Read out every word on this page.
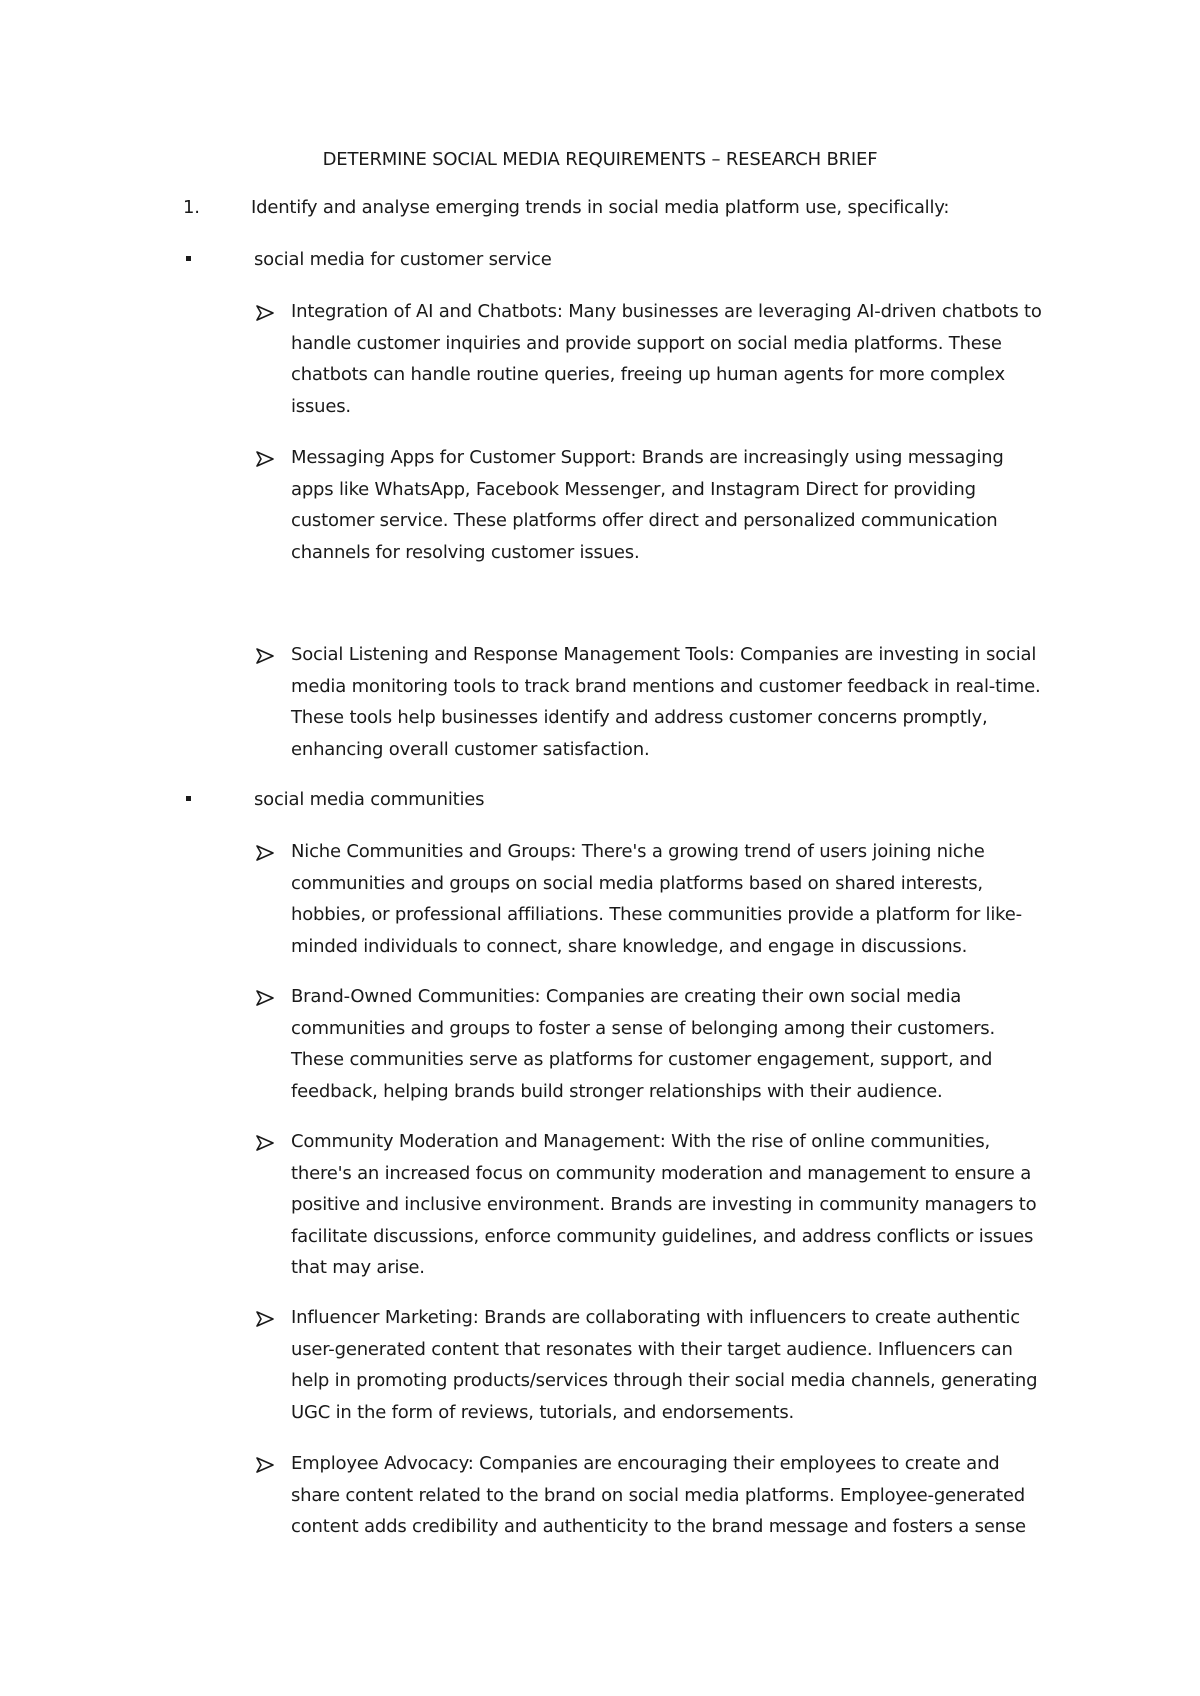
DETERMINE SOCIAL MEDIA REQUIREMENTS – RESEARCH BRIEF
1.	Identify and analyse emerging trends in social media platform use, specifically:
social media for customer service
Integration of AI and Chatbots: Many businesses are leveraging AI-driven chatbots to
handle customer inquiries and provide support on social media platforms. These
chatbots can handle routine queries, freeing up human agents for more complex
issues.
Messaging Apps for Customer Support: Brands are increasingly using messaging
apps like WhatsApp, Facebook Messenger, and Instagram Direct for providing
customer service. These platforms offer direct and personalized communication
channels for resolving customer issues.
Social Listening and Response Management Tools: Companies are investing in social
media monitoring tools to track brand mentions and customer feedback in real-time.
These tools help businesses identify and address customer concerns promptly,
enhancing overall customer satisfaction.
social media communities
Niche Communities and Groups: There's a growing trend of users joining niche
communities and groups on social media platforms based on shared interests,
hobbies, or professional affiliations. These communities provide a platform for like-
minded individuals to connect, share knowledge, and engage in discussions.
Brand-Owned Communities: Companies are creating their own social media
communities and groups to foster a sense of belonging among their customers.
These communities serve as platforms for customer engagement, support, and
feedback, helping brands build stronger relationships with their audience.
Community Moderation and Management: With the rise of online communities,
there's an increased focus on community moderation and management to ensure a
positive and inclusive environment. Brands are investing in community managers to
facilitate discussions, enforce community guidelines, and address conflicts or issues
that may arise.
Influencer Marketing: Brands are collaborating with influencers to create authentic
user-generated content that resonates with their target audience. Influencers can
help in promoting products/services through their social media channels, generating
UGC in the form of reviews, tutorials, and endorsements.
Employee Advocacy: Companies are encouraging their employees to create and
share content related to the brand on social media platforms. Employee-generated
content adds credibility and authenticity to the brand message and fosters a sense
